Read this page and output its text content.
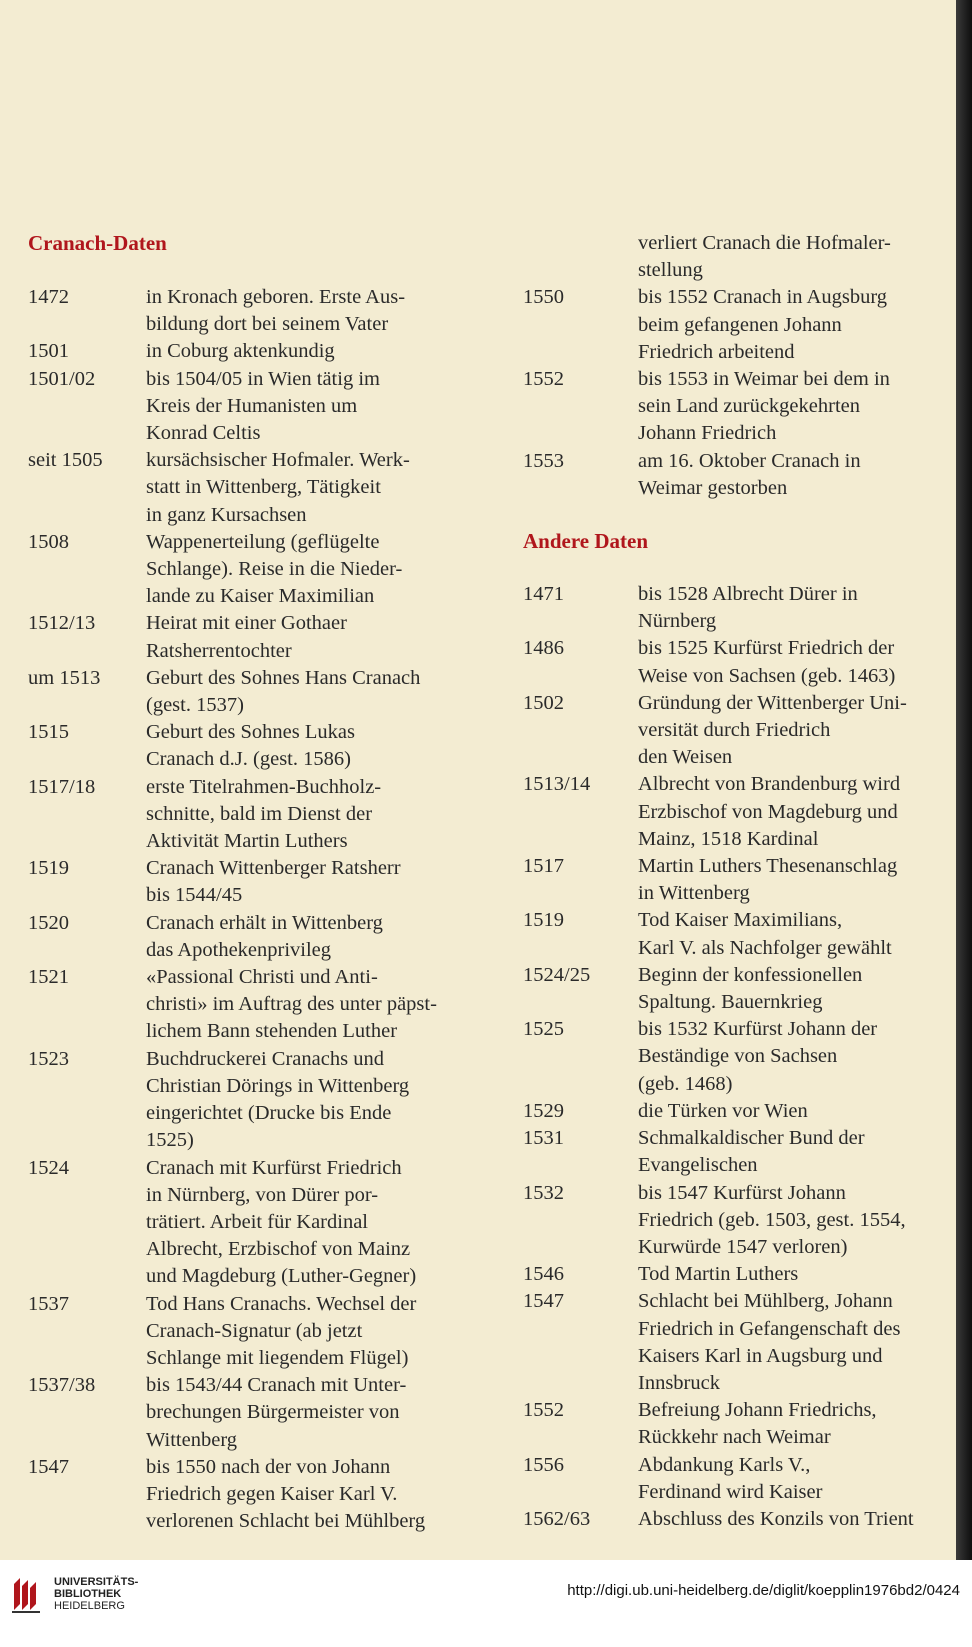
Cranach-Daten
1472	in Kronach geboren. Erste Aus-
bildung dort bei seinem Vater
1501	in Coburg aktenkundig
1501/02	bis 1504/05 in Wien tätig im
Kreis der Humanisten um
Konrad Celtis
seit 1505	kursächsischer Hofmaler. Werk-
statt in Wittenberg, Tätigkeit
in ganz Kursachsen
1508	Wappenerteilung (geflügelte
Schlange). Reise in die Nieder-
lande zu Kaiser Maximilian
1512/13	Heirat mit einer Gothaer
Ratsherrentochter
um 1513	Geburt des Sohnes Hans Cranach
(gest. 1537)
1515	Geburt des Sohnes Lukas
Cranach d.J. (gest. 1586)
1517/18	erste Titelrahmen-Buchholz-
schnitte, bald im Dienst der
Aktivität Martin Luthers
1519	Cranach Wittenberger Ratsherr
bis 1544/45
1520	Cranach erhält in Wittenberg
das Apothekenprivileg
1521	«Passional Christi und Anti-
christi» im Auftrag des unter päpst-
lichem Bann stehenden Luther
1523	Buchdruckerei Cranachs und
Christian Dörings in Wittenberg
eingerichtet (Drucke bis Ende
1525)
1524	Cranach mit Kurfürst Friedrich
in Nürnberg, von Dürer por-
trätiert. Arbeit für Kardinal
Albrecht, Erzbischof von Mainz
und Magdeburg (Luther-Gegner)
1537	Tod Hans Cranachs. Wechsel der
Cranach-Signatur (ab jetzt
Schlange mit liegendem Flügel)
1537/38	bis 1543/44 Cranach mit Unter-
brechungen Bürgermeister von
Wittenberg
1547	bis 1550 nach der von Johann
Friedrich gegen Kaiser Karl V.
verlorenen Schlacht bei Mühlberg
verliert Cranach die Hofmaler-
stellung
1550	bis 1552 Cranach in Augsburg
beim gefangenen Johann
Friedrich arbeitend
1552	bis 1553 in Weimar bei dem in
sein Land zurückgekehrten
Johann Friedrich
1553	am 16. Oktober Cranach in
Weimar gestorben
Andere Daten
1471	bis 1528 Albrecht Dürer in
Nürnberg
1486	bis 1525 Kurfürst Friedrich der
Weise von Sachsen (geb. 1463)
1502	Gründung der Wittenberger Uni-
versität durch Friedrich
den Weisen
1513/14	Albrecht von Brandenburg wird
Erzbischof von Magdeburg und
Mainz, 1518 Kardinal
1517	Martin Luthers Thesenanschlag
in Wittenberg
1519	Tod Kaiser Maximilians,
Karl V. als Nachfolger gewählt
1524/25	Beginn der konfessionellen
Spaltung. Bauernkrieg
1525	bis 1532 Kurfürst Johann der
Beständige von Sachsen
(geb. 1468)
1529	die Türken vor Wien
1531	Schmalkaldischer Bund der
Evangelischen
1532	bis 1547 Kurfürst Johann
Friedrich (geb. 1503, gest. 1554,
Kurwürde 1547 verloren)
1546	Tod Martin Luthers
1547	Schlacht bei Mühlberg, Johann
Friedrich in Gefangenschaft des
Kaisers Karl in Augsburg und
Innsbruck
1552	Befreiung Johann Friedrichs,
Rückkehr nach Weimar
1556	Abdankung Karls V.,
Ferdinand wird Kaiser
1562/63	Abschluss des Konzils von Trient
UNIVERSITÄTS-
BIBLIOTHEK
HEIDELBERG
http://digi.ub.uni-heidelberg.de/diglit/koepplin1976bd2/0424
